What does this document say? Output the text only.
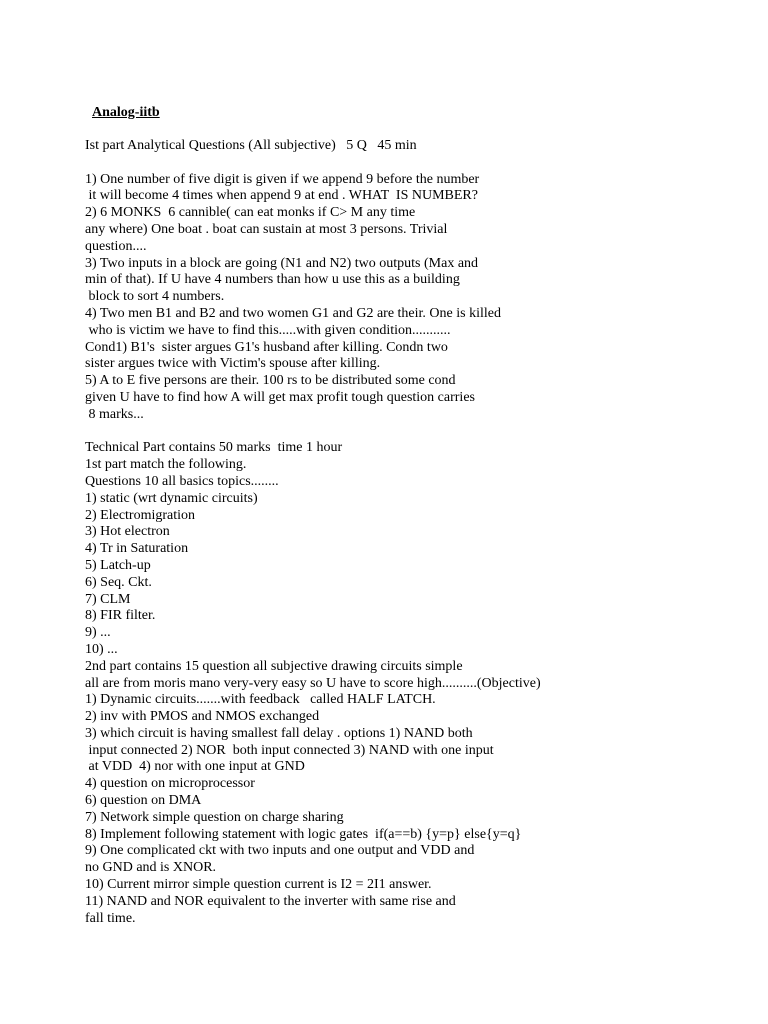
Analog-iitb
Ist part Analytical Questions (All subjective)   5 Q   45 min
1) One number of five digit is given if we append 9 before the number
it will become 4 times when append 9 at end . WHAT  IS NUMBER?
2) 6 MONKS  6 cannible( can eat monks if C> M any time
any where) One boat . boat can sustain at most 3 persons. Trivial
question....
3) Two inputs in a block are going (N1 and N2) two outputs (Max and
min of that). If U have 4 numbers than how u use this as a building
block to sort 4 numbers.
4) Two men B1 and B2 and two women G1 and G2 are their. One is killed
who is victim we have to find this.....with given condition...........
Cond1) B1's  sister argues G1's husband after killing. Condn two
sister argues twice with Victim's spouse after killing.
5) A to E five persons are their. 100 rs to be distributed some cond
given U have to find how A will get max profit tough question carries
8 marks...
Technical Part contains 50 marks  time 1 hour
1st part match the following.
Questions 10 all basics topics........
1) static (wrt dynamic circuits)
2) Electromigration
3) Hot electron
4) Tr in Saturation
5) Latch-up
6) Seq. Ckt.
7) CLM
8) FIR filter.
9) ...
10) ...
2nd part contains 15 question all subjective drawing circuits simple
all are from moris mano very-very easy so U have to score high..........(Objective)
1) Dynamic circuits.......with feedback   called HALF LATCH.
2) inv with PMOS and NMOS exchanged
3) which circuit is having smallest fall delay . options 1) NAND both
input connected 2) NOR  both input connected 3) NAND with one input
at VDD  4) nor with one input at GND
4) question on microprocessor
6) question on DMA
7) Network simple question on charge sharing
8) Implement following statement with logic gates  if(a==b) {y=p} else{y=q}
9) One complicated ckt with two inputs and one output and VDD and
no GND and is XNOR.
10) Current mirror simple question current is I2 = 2I1 answer.
11) NAND and NOR equivalent to the inverter with same rise and
fall time.
